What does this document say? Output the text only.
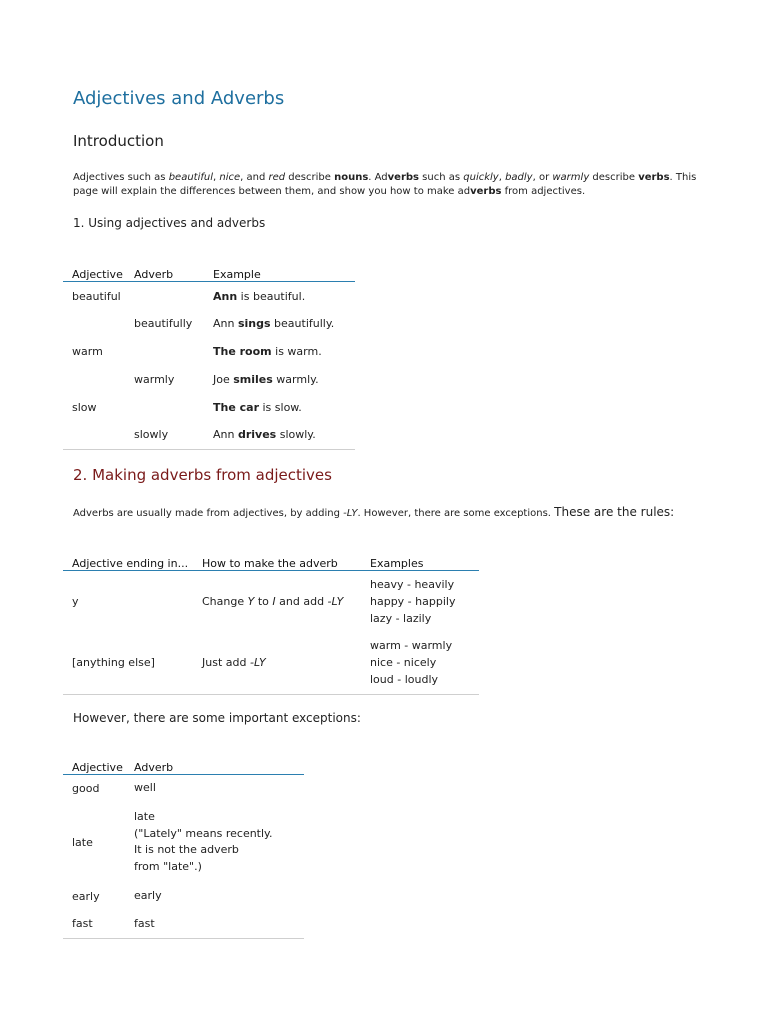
Adjectives and Adverbs
Introduction
Adjectives such as beautiful, nice, and red describe nouns. Adverbs such as quickly, badly, or warmly describe verbs. This page will explain the differences between them, and show you how to make adverbs from adjectives.
1. Using adjectives and adverbs
2. Making adverbs from adjectives
Adverbs are usually made from adjectives, by adding -LY. However, there are some exceptions. These are the rules:
However, there are some important exceptions:
Adjective	Adverb	Example
beautiful		Ann is beautiful.
	beautifully	Ann sings beautifully.
warm		The room is warm.
	warmly	Joe smiles warmly.
slow		The car is slow.
	slowly	Ann drives slowly.
Adjective ending in...	How to make the adverb	Examples
y	Change Y to I and add -LY	heavy - heavily
happy - happily
lazy - lazily
[anything else]	Just add -LY	warm - warmly
nice - nicely
loud - loudly
Adjective	Adverb
good	well
late	late
("Lately" means recently.
It is not the adverb
from "late".)
early	early
fast	fast
